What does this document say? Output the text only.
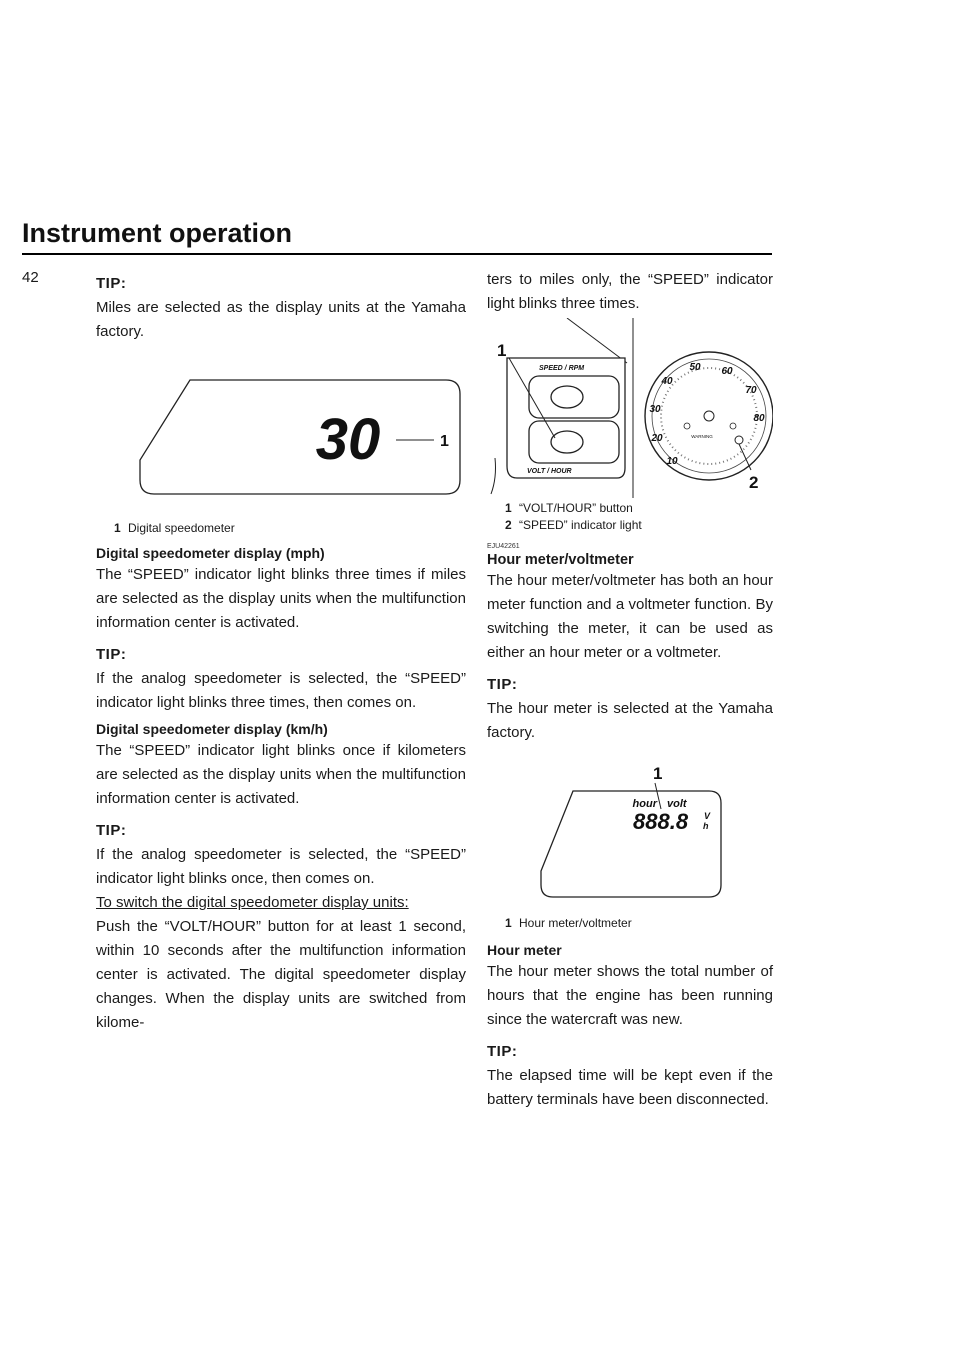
Instrument operation
42	TIP:

Miles are selected as the display units at the Yamaha factory.

30	1
1 Digital speedometer
Digital speedometer display (mph)

The “SPEED” indicator light blinks three times if miles are selected as the display units when the multifunction information center is activated.

TIP:

If the analog speedometer is selected, the “SPEED” indicator light blinks three times, then comes on.

Digital speedometer display (km/h)

The “SPEED” indicator light blinks once if kilometers are selected as the display units when the multifunction information center is activated.

TIP:

If the analog speedometer is selected, the “SPEED” indicator light blinks once, then comes on.

To switch the digital speedometer display units:

Push the “VOLT/HOUR” button for at least 1 second, within 10 seconds after the multifunction information center is activated. The digital speedometer display changes. When the display units are switched from kilome-

ters to miles only, the “SPEED” indicator light blinks three times.

SPEED / RPM
VOLT / HOUR
1
10
20
30
40
50 60
70
80
WARNING
2
1 “VOLT/HOUR” button
2 “SPEED” indicator light
EJU42261
Hour meter/voltmeter

The hour meter/voltmeter has both an hour meter function and a voltmeter function. By switching the meter, it can be used as either an hour meter or a voltmeter.

TIP:

The hour meter is selected at the Yamaha factory.

1
hour volt
888.8 V
h
1 Hour meter/voltmeter
Hour meter

The hour meter shows the total number of hours that the engine has been running since the watercraft was new.

TIP:

The elapsed time will be kept even if the battery terminals have been disconnected.
